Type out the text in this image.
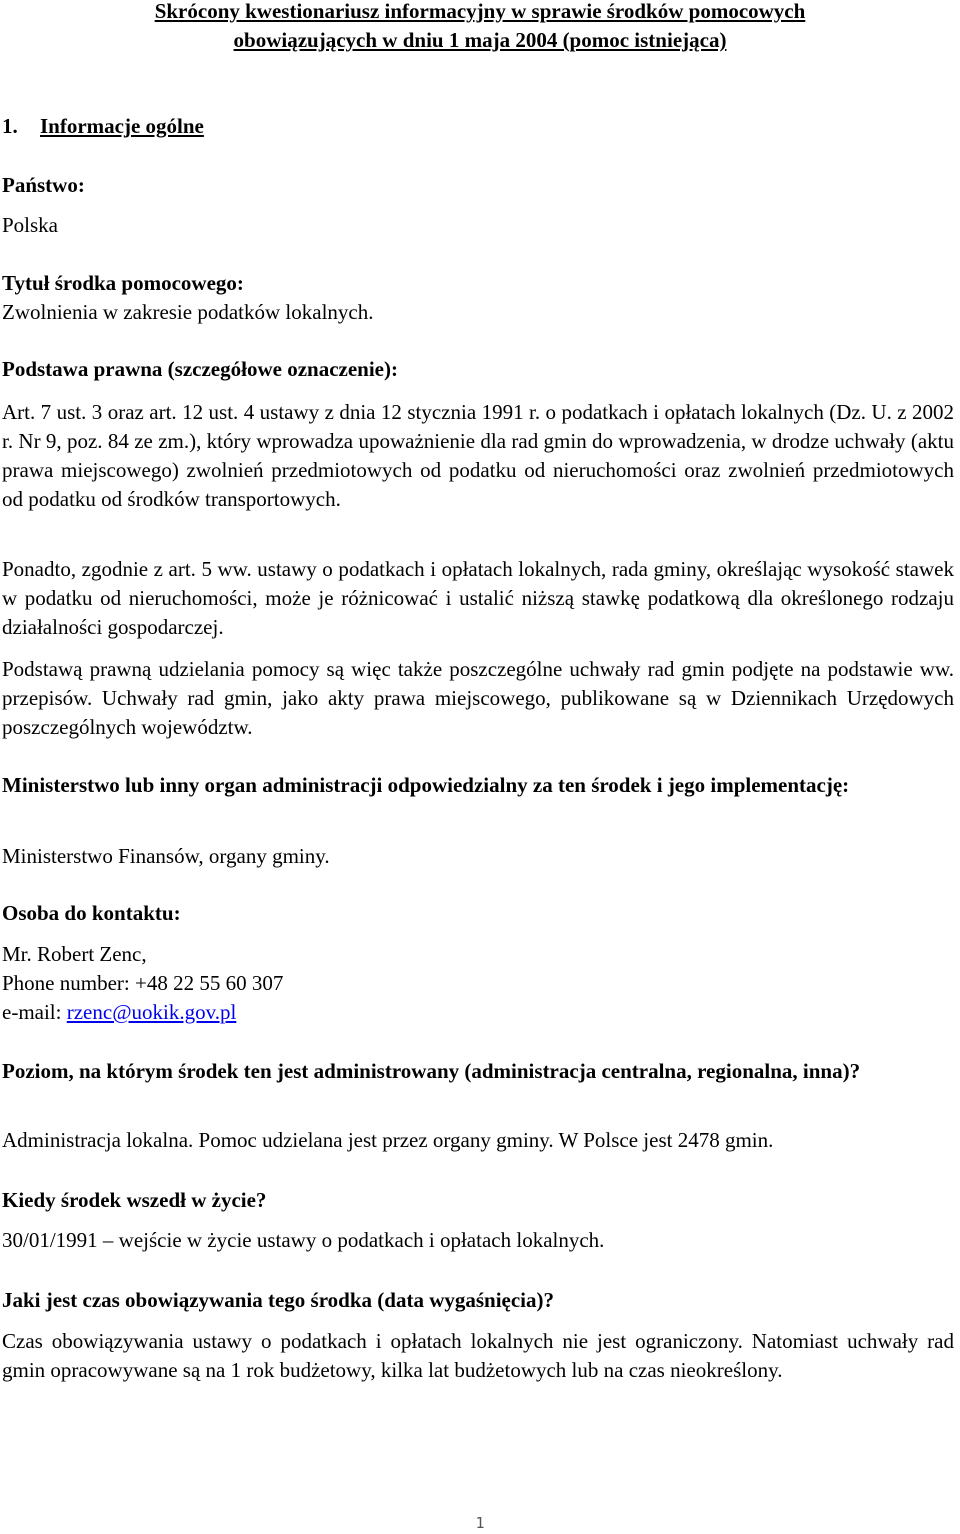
Skrócony kwestionariusz informacyjny w sprawie środków pomocowych
obowiązujących w dniu 1 maja 2004 (pomoc istniejąca)
1. Informacje ogólne
Państwo:
Polska
Tytuł środka pomocowego:
Zwolnienia w zakresie podatków lokalnych.
Podstawa prawna (szczegółowe oznaczenie):
Art. 7 ust. 3 oraz art. 12 ust. 4 ustawy z dnia 12 stycznia 1991 r. o podatkach i opłatach lokalnych (Dz. U. z 2002 r. Nr 9, poz. 84 ze zm.), który wprowadza upoważnienie dla rad gmin do wprowadzenia, w drodze uchwały (aktu prawa miejscowego) zwolnień przedmiotowych od podatku od nieruchomości oraz zwolnień przedmiotowych od podatku od środków transportowych.
Ponadto, zgodnie z art. 5 ww. ustawy o podatkach i opłatach lokalnych, rada gminy, określając wysokość stawek w podatku od nieruchomości, może je różnicować i ustalić niższą stawkę podatkową dla określonego rodzaju działalności gospodarczej.
Podstawą prawną udzielania pomocy są więc także poszczególne uchwały rad gmin podjęte na podstawie ww. przepisów. Uchwały rad gmin, jako akty prawa miejscowego, publikowane są w Dziennikach Urzędowych poszczególnych województw.
Ministerstwo lub inny organ administracji odpowiedzialny za ten środek i jego implementację:
Ministerstwo Finansów, organy gminy.
Osoba do kontaktu:
Mr. Robert Zenc,
Phone number: +48 22 55 60 307
e-mail: rzenc@uokik.gov.pl
Poziom, na którym środek ten jest administrowany (administracja centralna, regionalna, inna)?
Administracja lokalna. Pomoc udzielana jest przez organy gminy. W Polsce jest 2478 gmin.
Kiedy środek wszedł w życie?
30/01/1991 – wejście w życie ustawy o podatkach i opłatach lokalnych.
Jaki jest czas obowiązywania tego środka (data wygaśnięcia)?
Czas obowiązywania ustawy o podatkach i opłatach lokalnych nie jest ograniczony. Natomiast uchwały rad gmin opracowywane są na 1 rok budżetowy, kilka lat budżetowych lub na czas nieokreślony.
1
